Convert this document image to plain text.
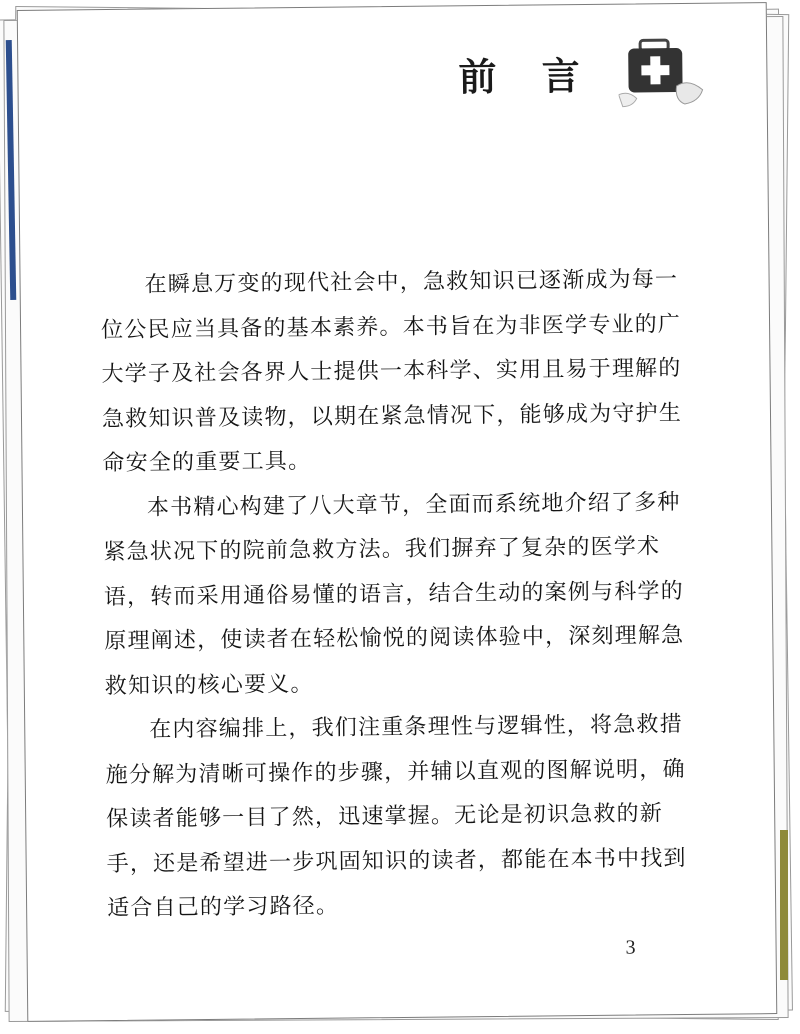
前 言

在瞬息万变的现代社会中，急救知识已逐渐成为每一位公民应当具备的基本素养。本书旨在为非医学专业的广大学子及社会各界人士提供一本科学、实用且易于理解的急救知识普及读物，以期在紧急情况下，能够成为守护生命安全的重要工具。

本书精心构建了八大章节，全面而系统地介绍了多种紧急状况下的院前急救方法。我们摒弃了复杂的医学术语，转而采用通俗易懂的语言，结合生动的案例与科学的原理阐述，使读者在轻松愉悦的阅读体验中，深刻理解急救知识的核心要义。

在内容编排上，我们注重条理性与逻辑性，将急救措施分解为清晰可操作的步骤，并辅以直观的图解说明，确保读者能够一目了然，迅速掌握。无论是初识急救的新手，还是希望进一步巩固知识的读者，都能在本书中找到适合自己的学习路径。

3
